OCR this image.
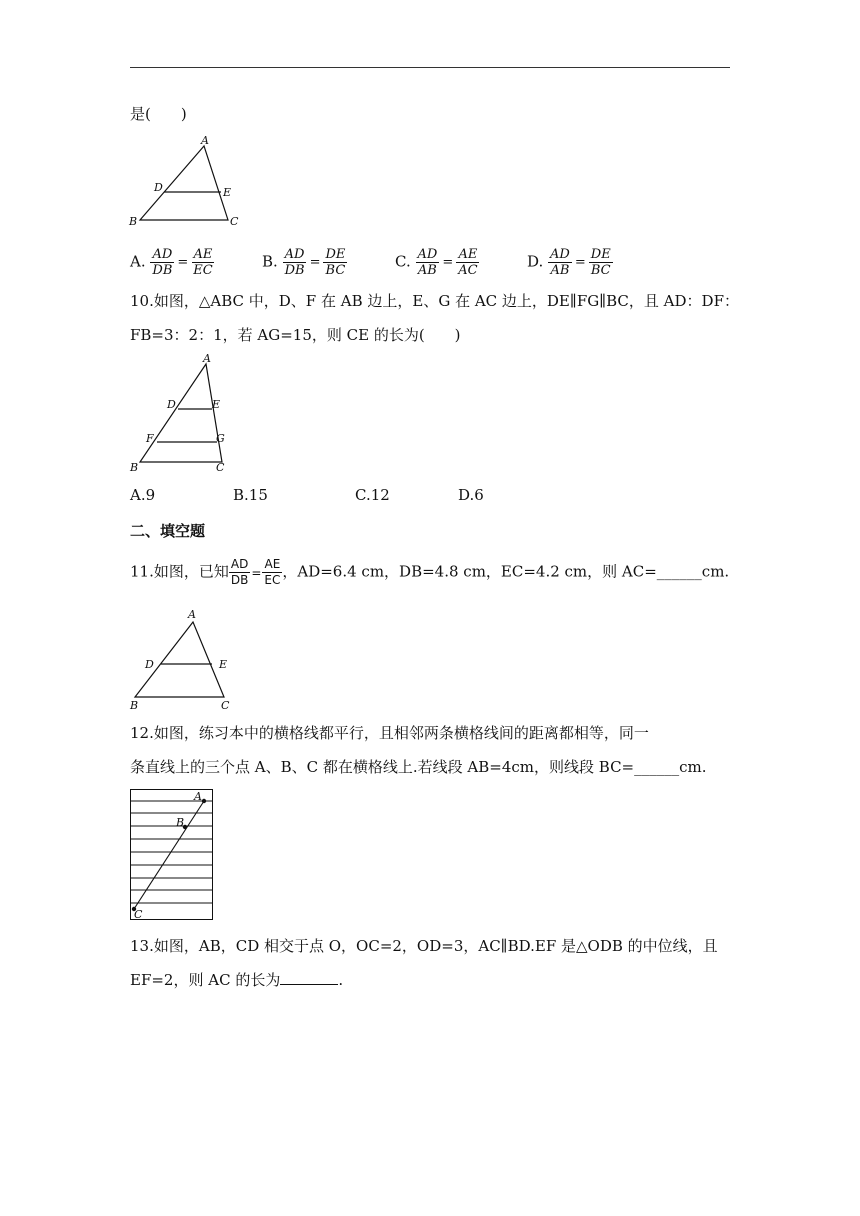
是(　　)
A
D	E
B	C
A. $\frac{AD}{DB} = \frac{AE}{EC}$	B. $\frac{AD}{DB} = \frac{DE}{BC}$	C. $\frac{AD}{AB} = \frac{AE}{AC}$	D. $\frac{AD}{AB} = \frac{DE}{BC}$
10.如图，△ABC 中，D、F 在 AB 边上，E、G 在 AC 边上，DE∥FG∥BC，且 AD：DF：
FB=3：2：1，若 AG=15，则 CE 的长为(　　)
A
D	E
F	G
B	C
A.9	B.15	C.12	D.6
二、填空题
11.如图，已知 $\frac{AD}{DB} = \frac{AE}{EC}$ ，AD=6.4 cm，DB=4.8 cm，EC=4.2 cm，则 AC=______cm.
A
D	E
B	C
12.如图，练习本中的横格线都平行，且相邻两条横格线间的距离都相等，同一
条直线上的三个点 A、B、C 都在横格线上.若线段 AB=4cm，则线段 BC=______cm.
A
B
C
13.如图，AB，CD 相交于点 O，OC=2，OD=3，AC∥BD.EF 是△ODB 的中位线，且
EF=2，则 AC 的长为	.
